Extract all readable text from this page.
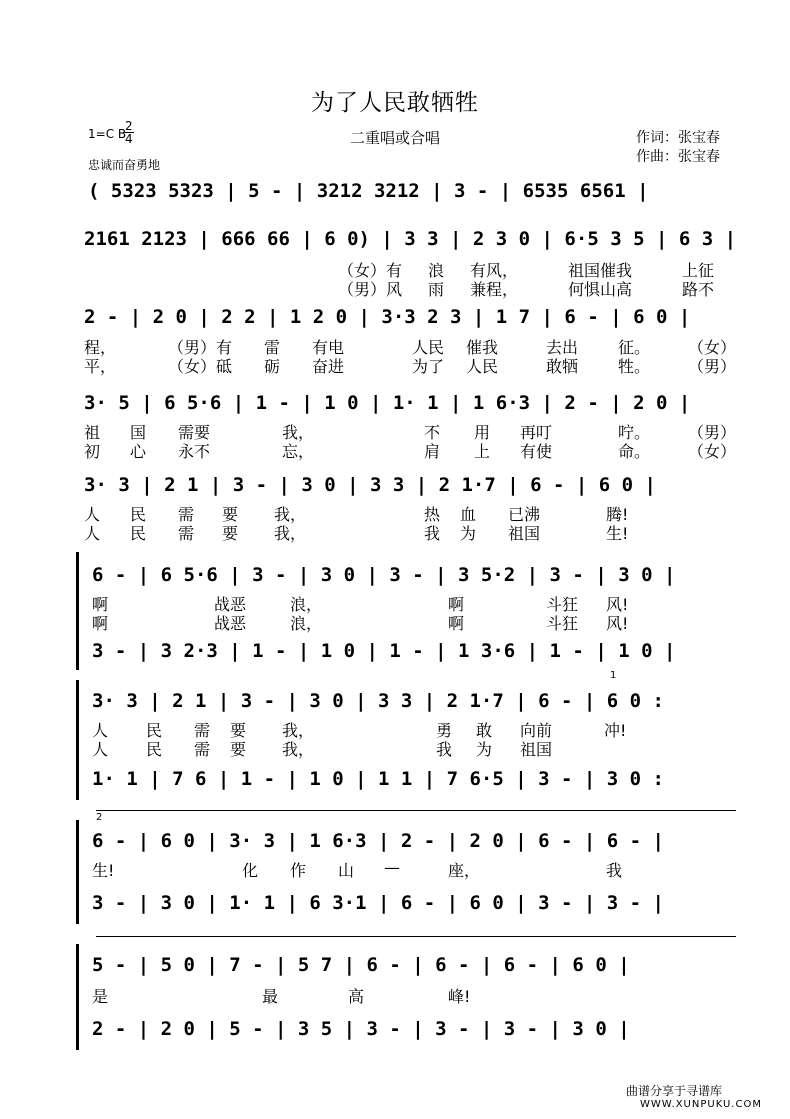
为了人民敢牺牲
二重唱或合唱	作词：张宝春
作曲：张宝春
1=C B
2
4
忠诚而奋勇地
( 5323 5323 | 5 - | 3212 3212 | 3 - | 6535 6561 |
2161 2123 | 666 66 | 6 0) | 3 3 | 2 3 0 | 6·5 3 5 | 6 3 |
（女）有 浪 有风，	祖国催我	上征
（男）风 雨 兼程，	何惧山高	路不
2 - | 2 0 | 2 2 | 1 2 0 | 3·3 2 3 | 1 7 | 6 - | 6 0 |
程，	（男）有 雷 有电	人民 催我	去出 征。 （女）
平，	（女）砥 砺 奋进	为了 人民	敢牺 牲。 （男）
3· 5 | 6 5·6 | 1 - | 1 0 | 1· 1 | 1 6·3 | 2 - | 2 0 |
祖 国 需要	我，	不 用 再叮	咛。 （男）
初 心 永不	忘，	肩 上 有使	命。 （女）
3· 3 | 2 1 | 3 - | 3 0 | 3 3 | 2 1·7 | 6 - | 6 0 |
人 民 需 要 我，	热 血 已沸	腾!
人 民 需 要 我，	我 为 祖国	生!
6 - | 6 5·6 | 3 - | 3 0 | 3 - | 3 5·2 | 3 - | 3 0 |
啊	战恶	浪，	啊	斗狂 风!
啊	战恶	浪，	啊	斗狂 风!
3 - | 3 2·3 | 1 - | 1 0 | 1 - | 1 3·6 | 1 - | 1 0 |
1
3· 3 | 2 1 | 3 - | 3 0 | 3 3 | 2 1·7 | 6 - | 6 0 :
人 民 需 要 我，	勇 敢 向前	冲!
人 民 需 要 我，	我 为 祖国
1· 1 | 7 6 | 1 - | 1 0 | 1 1 | 7 6·5 | 3 - | 3 0 :
2
6 - | 6 0 | 3· 3 | 1 6·3 | 2 - | 2 0 | 6 - | 6 - |
生!	化 作 山 —	座，	我
3 - | 3 0 | 1· 1 | 6 3·1 | 6 - | 6 0 | 3 - | 3 - |
5 - | 5 0 | 7 - | 5 7 | 6 - | 6 - | 6 - | 6 0 |
是	最	高	峰!
2 - | 2 0 | 5 - | 3 5 | 3 - | 3 - | 3 - | 3 0 |
曲谱分享于寻谱库
WWW.XUNPUKU.COM
